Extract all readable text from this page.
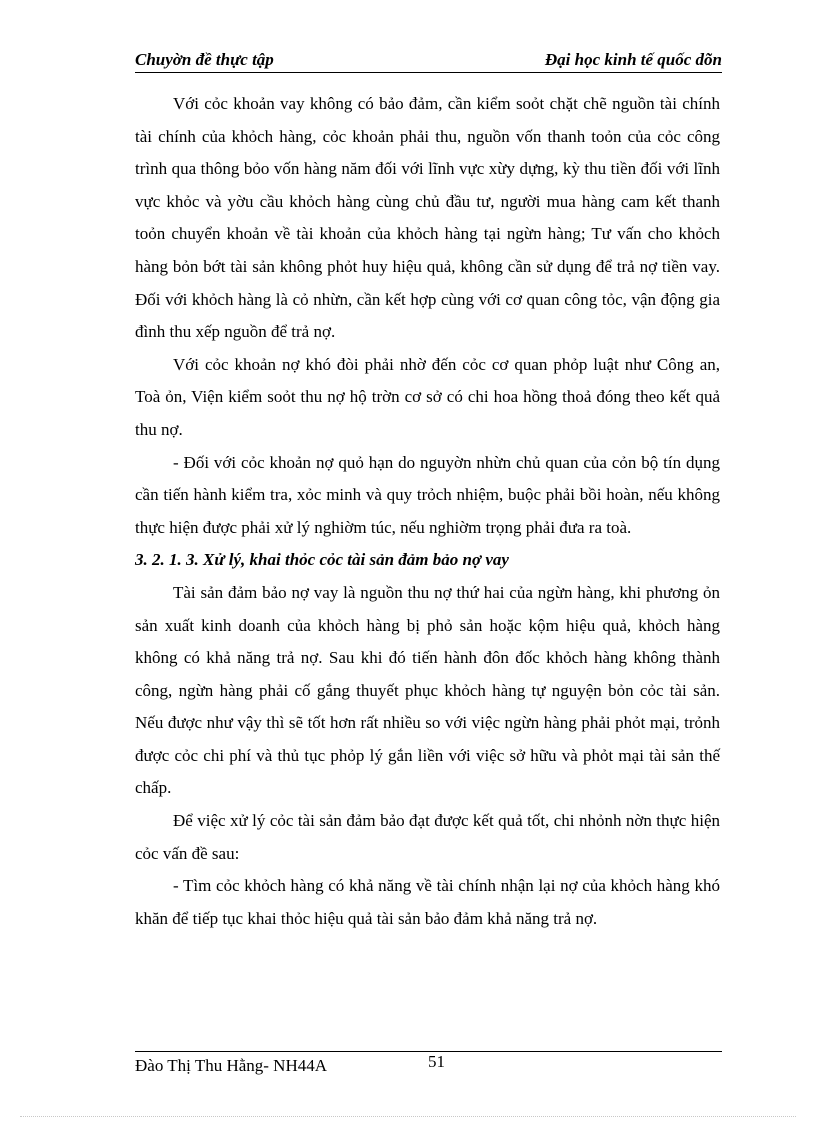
Chuyờn đề thực tập	Đại học kinh tế quốc dõn

Với cỏc khoản vay không có bảo đảm, cần kiểm soỏt chặt chẽ nguồn tài chính tài chính của khỏch hàng, cỏc khoản phải thu, nguồn vốn thanh toỏn của cỏc công trình qua thông bỏo vốn hàng năm đối với lĩnh vực xừy dựng, kỳ thu tiền đối với lĩnh vực khỏc và yờu cầu khỏch hàng cùng chủ đầu tư, người mua hàng cam kết thanh toỏn chuyển khoản về tài khoản của khỏch hàng tại ngừn hàng; Tư vấn cho khỏch hàng bỏn bớt tài sản không phỏt huy hiệu quả, không cần sử dụng để trả nợ tiền vay. Đối với khỏch hàng là cỏ nhừn, cần kết hợp cùng với cơ quan công tỏc, vận động gia đình thu xếp nguồn để trả nợ.

Với cỏc khoản nợ khó đòi phải nhờ đến cỏc cơ quan phỏp luật như Công an, Toà ỏn, Viện kiểm soỏt thu nợ hộ trờn cơ sở có chi hoa hồng thoả đóng theo kết quả thu nợ.

- Đối với cỏc khoản nợ quỏ hạn do nguyờn nhừn chủ quan của cỏn bộ tín dụng cần tiến hành kiểm tra, xỏc minh và quy trỏch nhiệm, buộc phải bồi hoàn, nếu không thực hiện được phải xử lý nghiờm túc, nếu nghiờm trọng phải đưa ra toà.

3. 2. 1. 3. Xử lý, khai thỏc cỏc tài sản đảm bảo nợ vay

Tài sản đảm bảo nợ vay là nguồn thu nợ thứ hai của ngừn hàng, khi phương ỏn sản xuất kinh doanh của khỏch hàng bị phỏ sản hoặc kộm hiệu quả, khỏch hàng không có khả năng trả nợ. Sau khi đó tiến hành đôn đốc khỏch hàng không thành công, ngừn hàng phải cố gắng thuyết phục khỏch hàng tự nguyện bỏn cỏc tài sản. Nếu được như vậy thì sẽ tốt hơn rất nhiều so với việc ngừn hàng phải phỏt mại, trỏnh được cỏc chi phí và thủ tục phỏp lý gắn liền với việc sở hữu và phỏt mại tài sản thế chấp.

Để việc xử lý cỏc tài sản đảm bảo đạt được kết quả tốt, chi nhỏnh nờn thực hiện cỏc vấn đề sau:

- Tìm cỏc khỏch hàng có khả năng về tài chính nhận lại nợ của khỏch hàng khó khăn để tiếp tục khai thỏc hiệu quả tài sản bảo đảm khả năng trả nợ.

Đào Thị Thu Hằng- NH44A	51
